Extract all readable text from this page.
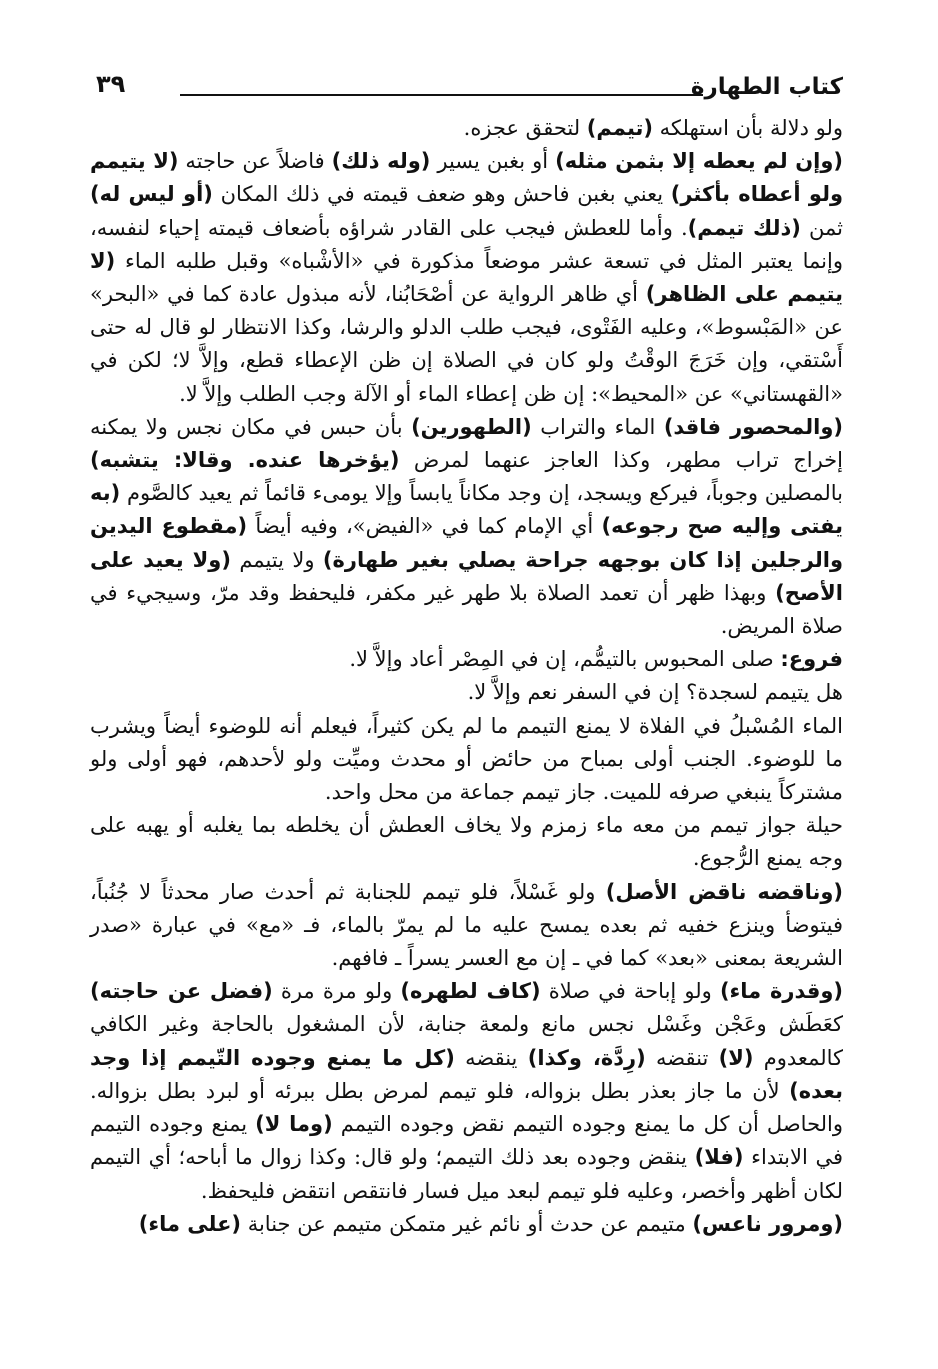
كتاب الطهارة
٣٩

ولو دلالة بأن استهلكه (تيمم) لتحقق عجزه.

(وإن لم يعطه إلا بثمن مثله) أو بغبن يسير (وله ذلك) فاضلاً عن حاجته (لا يتيمم ولو أعطاه بأكثر) يعني بغبن فاحش وهو ضعف قيمته في ذلك المكان (أو ليس له) ثمن (ذلك تيمم). وأما للعطش فيجب على القادر شراؤه بأضعاف قيمته إحياء لنفسه، وإنما يعتبر المثل في تسعة عشر موضعاً مذكورة في «الأشْباه» وقبل طلبه الماء (لا يتيمم على الظاهر) أي ظاهر الرواية عن أصْحَابُنا، لأنه مبذول عادة كما في «البحر» عن «المَبْسوط»، وعليه الفَتْوى، فيجب طلب الدلو والرشا، وكذا الانتظار لو قال له حتى أَسْتقي، وإن خَرَجَ الوقْتُ ولو كان في الصلاة إن ظن الإعطاء قطع، وإلاَّ لا؛ لكن في «القهستاني» عن «المحيط»: إن ظن إعطاء الماء أو الآلة وجب الطلب وإلاَّ لا.

(والمحصور فاقد) الماء والتراب (الطهورين) بأن حبس في مكان نجس ولا يمكنه إخراج تراب مطهر، وكذا العاجز عنهما لمرض (يؤخرها عنده. وقالا: يتشبه) بالمصلين وجوباً، فيركع ويسجد، إن وجد مكاناً يابساً وإلا يومىء قائماً ثم يعيد كالصَّوم (به يفتى وإليه صح رجوعه) أي الإمام كما في «الفيض»، وفيه أيضاً (مقطوع اليدين والرجلين إذا كان بوجهه جراحة يصلي بغير طهارة) ولا يتيمم (ولا يعيد على الأصح) وبهذا ظهر أن تعمد الصلاة بلا طهر غير مكفر، فليحفظ وقد مرّ، وسيجيء في صلاة المريض.

فروع: صلى المحبوس بالتيمُّم، إن في المِصْر أعاد وإلاَّ لا.

هل يتيمم لسجدة؟ إن في السفر نعم وإلاَّ لا.

الماء المُسْبلُ في الفلاة لا يمنع التيمم ما لم يكن كثيراً، فيعلم أنه للوضوء أيضاً ويشرب ما للوضوء. الجنب أولى بمباح من حائض أو محدث وميِّت ولو لأحدهم، فهو أولى ولو مشتركاً ينبغي صرفه للميت. جاز تيمم جماعة من محل واحد.

حيلة جواز تيمم من معه ماء زمزم ولا يخاف العطش أن يخلطه بما يغلبه أو يهبه على وجه يمنع الرُّجوع.

(وناقضه ناقض الأصل) ولو غَسْلاً، فلو تيمم للجنابة ثم أحدث صار محدثاً لا جُنُباً، فيتوضأ وينزع خفيه ثم بعده يمسح عليه ما لم يمرّ بالماء، فـ «مع» في عبارة «صدر الشريعة بمعنى «بعد» كما في ـ إن مع العسر يسراً ـ فافهم.

(وقدرة ماء) ولو إباحة في صلاة (كاف لطهره) ولو مرة مرة (فضل عن حاجته) كعَطَش وعَجْن وغَسْل نجس مانع ولمعة جنابة، لأن المشغول بالحاجة وغير الكافي كالمعدوم (لا) تنقضه (رِدَّة، وكذا) ينقضه (كل ما يمنع وجوده التّيمم إذا وجد بعده) لأن ما جاز بعذر بطل بزواله، فلو تيمم لمرض بطل ببرئه أو لبرد بطل بزواله. والحاصل أن كل ما يمنع وجوده التيمم نقض وجوده التيمم (وما لا) يمنع وجوده التيمم في الابتداء (فلا) ينقض وجوده بعد ذلك التيمم؛ ولو قال: وكذا زوال ما أباحه؛ أي التيمم لكان أظهر وأخصر، وعليه فلو تيمم لبعد ميل فسار فانتقص انتقض فليحفظ.

(ومرور ناعس) متيمم عن حدث أو نائم غير متمكن متيمم عن جنابة (على ماء)
